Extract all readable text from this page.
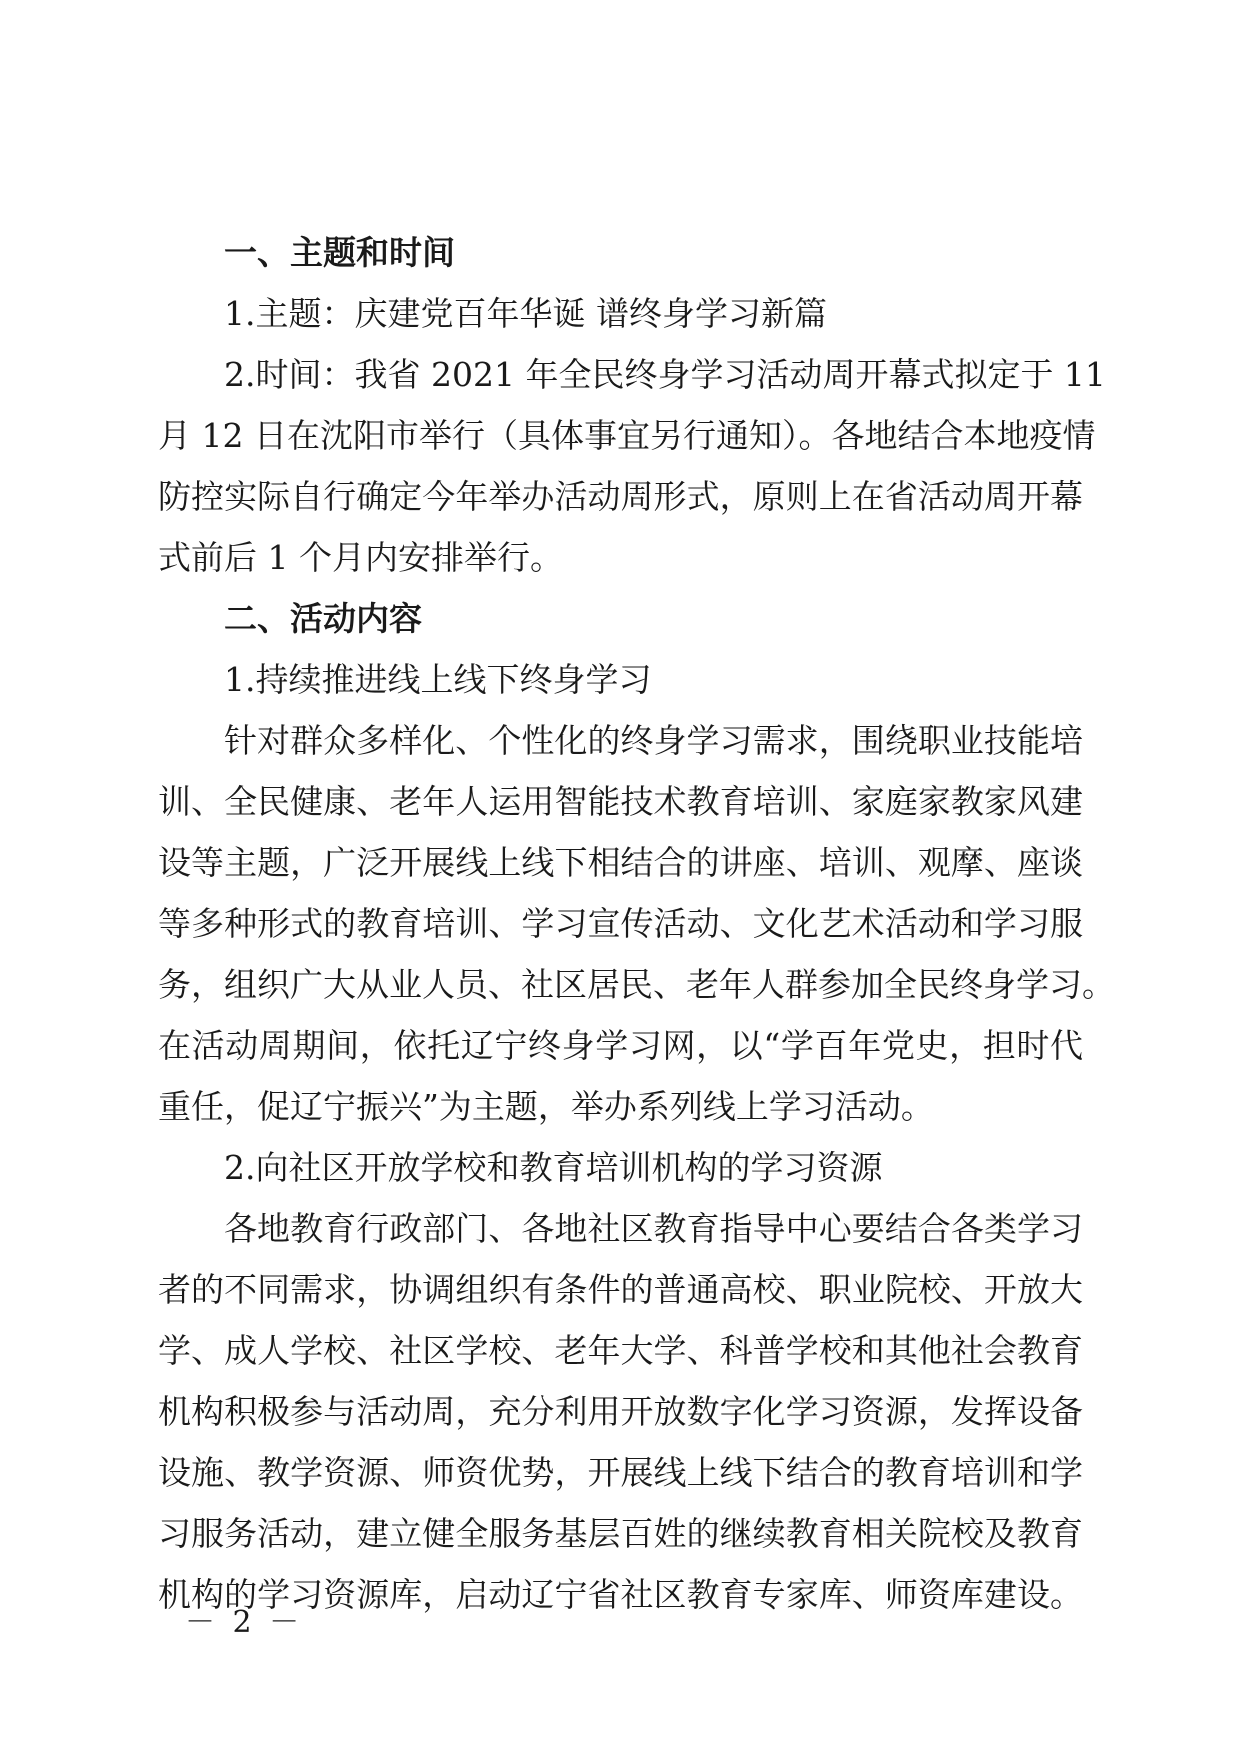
一、主题和时间
1.主题：庆建党百年华诞 谱终身学习新篇
2.时间：我省 2021 年全民终身学习活动周开幕式拟定于 11
月 12 日在沈阳市举行（具体事宜另行通知）。各地结合本地疫情
防控实际自行确定今年举办活动周形式，原则上在省活动周开幕
式前后 1 个月内安排举行。
二、活动内容
1.持续推进线上线下终身学习
针对群众多样化、个性化的终身学习需求，围绕职业技能培
训、全民健康、老年人运用智能技术教育培训、家庭家教家风建
设等主题，广泛开展线上线下相结合的讲座、培训、观摩、座谈
等多种形式的教育培训、学习宣传活动、文化艺术活动和学习服
务，组织广大从业人员、社区居民、老年人群参加全民终身学习。
在活动周期间，依托辽宁终身学习网，以“学百年党史，担时代
重任，促辽宁振兴”为主题，举办系列线上学习活动。
2.向社区开放学校和教育培训机构的学习资源
各地教育行政部门、各地社区教育指导中心要结合各类学习
者的不同需求，协调组织有条件的普通高校、职业院校、开放大
学、成人学校、社区学校、老年大学、科普学校和其他社会教育
机构积极参与活动周，充分利用开放数字化学习资源，发挥设备
设施、教学资源、师资优势，开展线上线下结合的教育培训和学
习服务活动，建立健全服务基层百姓的继续教育相关院校及教育
机构的学习资源库，启动辽宁省社区教育专家库、师资库建设。
－ 2 －
